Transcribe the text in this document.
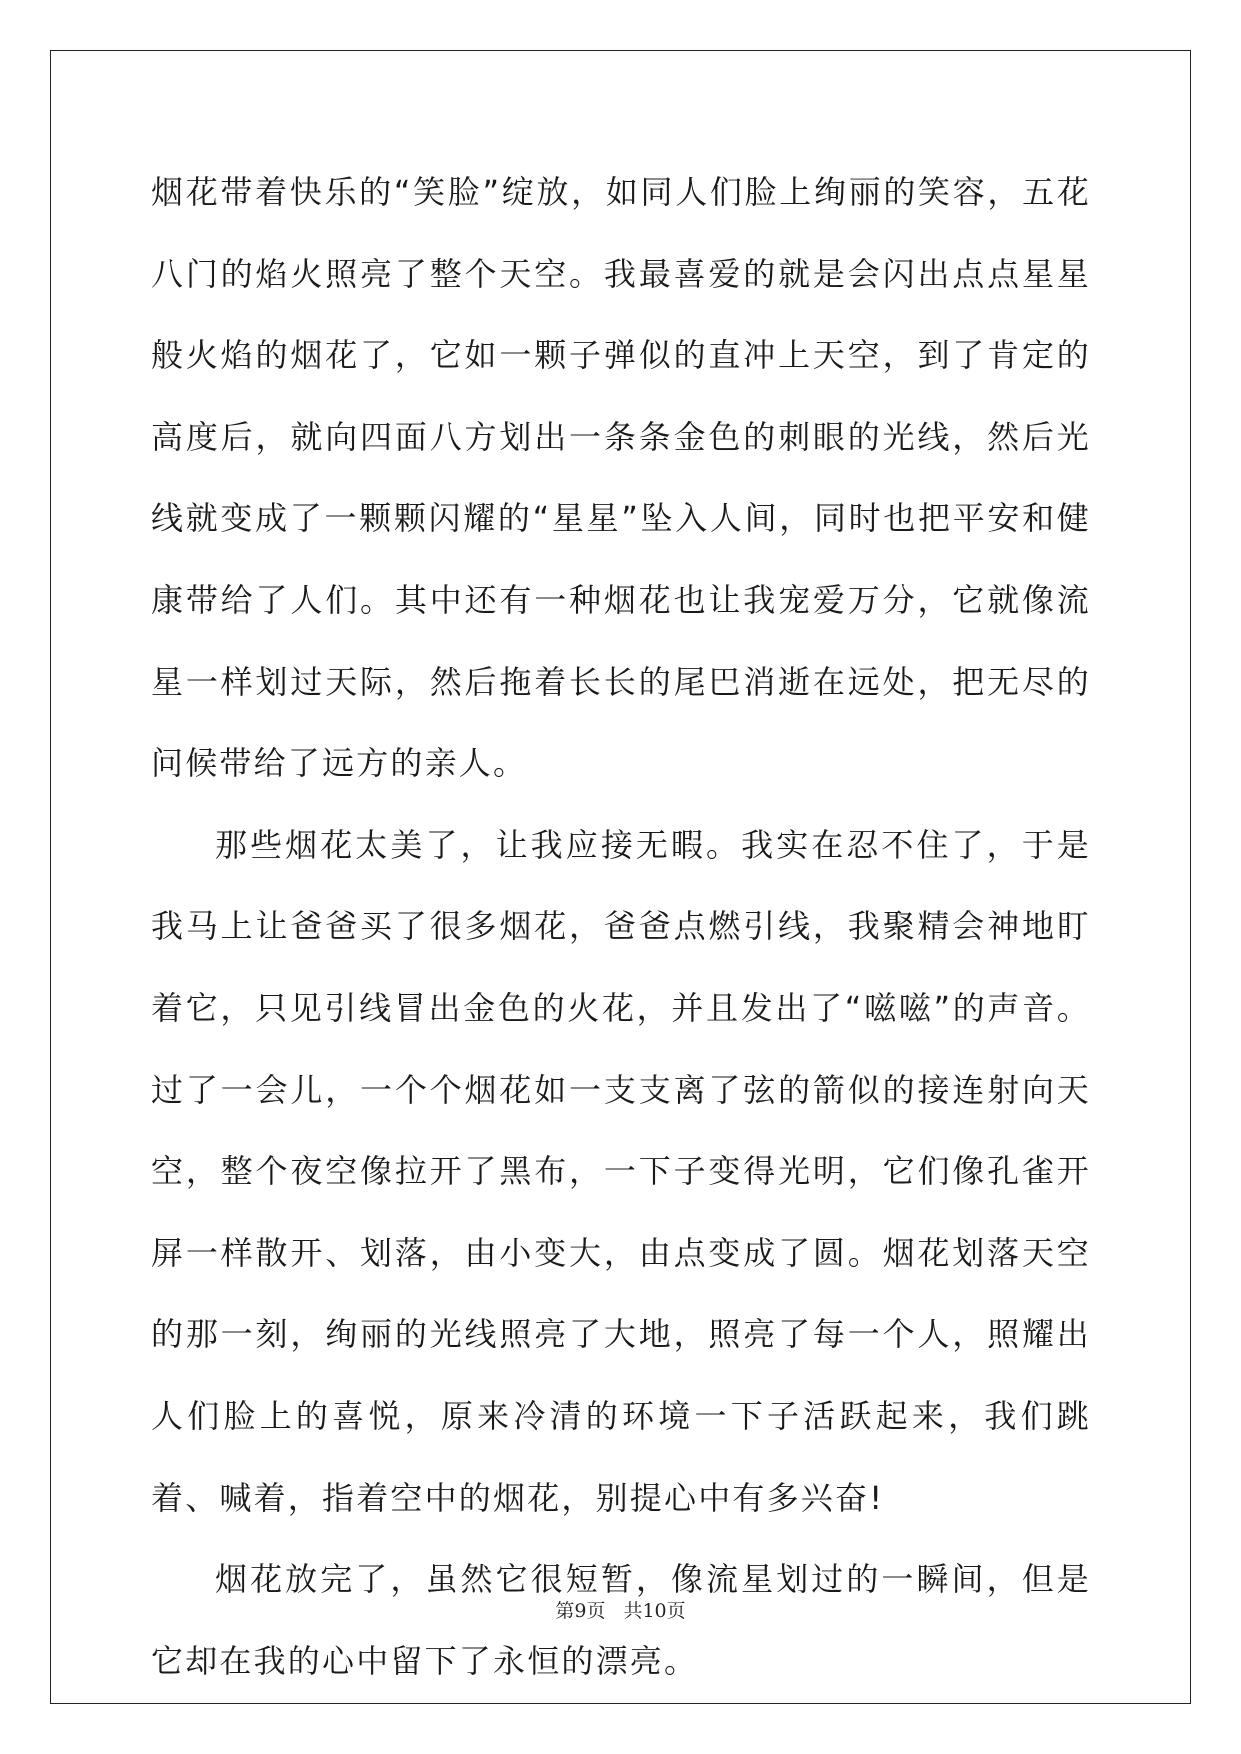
烟花带着快乐的“笑脸”绽放，如同人们脸上绚丽的笑容，五花八门的焰火照亮了整个天空。我最喜爱的就是会闪出点点星星般火焰的烟花了，它如一颗子弹似的直冲上天空，到了肯定的高度后，就向四面八方划出一条条金色的刺眼的光线，然后光线就变成了一颗颗闪耀的“星星”坠入人间，同时也把平安和健康带给了人们。其中还有一种烟花也让我宠爱万分，它就像流星一样划过天际，然后拖着长长的尾巴消逝在远处，把无尽的问候带给了远方的亲人。

那些烟花太美了，让我应接无暇。我实在忍不住了，于是我马上让爸爸买了很多烟花，爸爸点燃引线，我聚精会神地盯着它，只见引线冒出金色的火花，并且发出了“嗞嗞”的声音。过了一会儿，一个个烟花如一支支离了弦的箭似的接连射向天空，整个夜空像拉开了黑布，一下子变得光明，它们像孔雀开屏一样散开、划落，由小变大，由点变成了圆。烟花划落天空的那一刻，绚丽的光线照亮了大地，照亮了每一个人，照耀出人们脸上的喜悦，原来冷清的环境一下子活跃起来，我们跳着、喊着，指着空中的烟花，别提心中有多兴奋!

烟花放完了，虽然它很短暂，像流星划过的一瞬间，但是它却在我的心中留下了永恒的漂亮。

第9页 共10页
